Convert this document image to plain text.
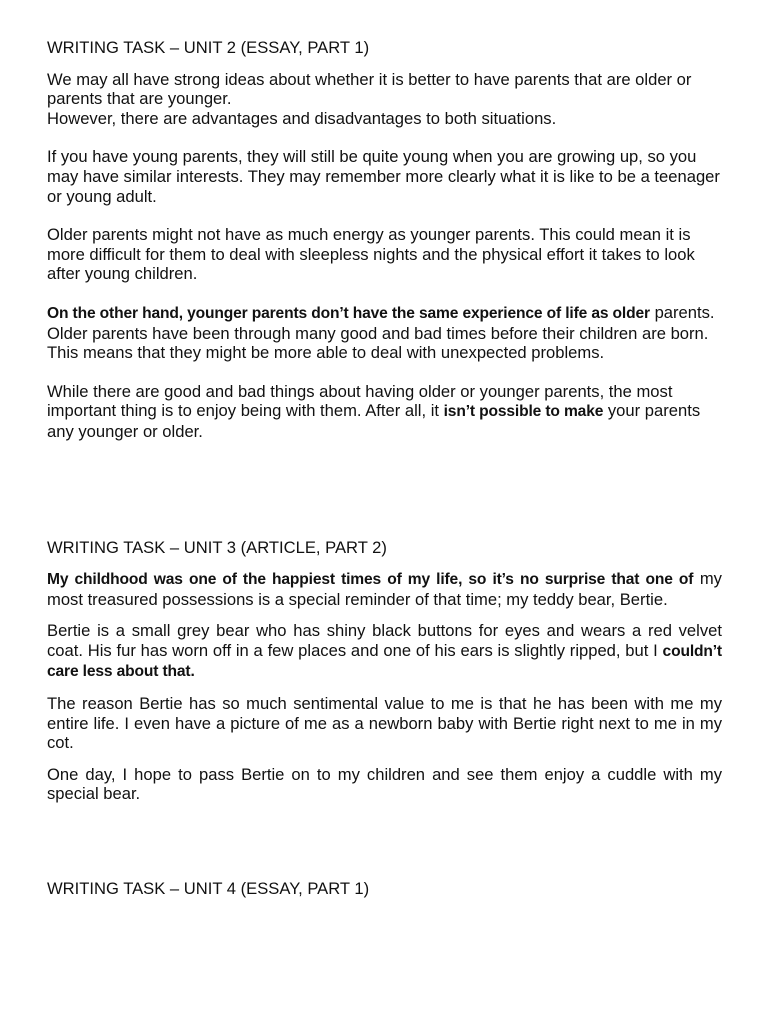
WRITING TASK – UNIT 2 (ESSAY, PART 1)

We may all have strong ideas about whether it is better to have parents that are older or parents that are younger.
However, there are advantages and disadvantages to both situations.

If you have young parents, they will still be quite young when you are growing up, so you may have similar interests. They may remember more clearly what it is like to be a teenager or young adult.

Older parents might not have as much energy as younger parents. This could mean it is more difficult for them to deal with sleepless nights and the physical effort it takes to look after young children.

On the other hand, younger parents don’t have the same experience of life as older parents. Older parents have been through many good and bad times before their children are born. This means that they might be more able to deal with unexpected problems.

While there are good and bad things about having older or younger parents, the most important thing is to enjoy being with them. After all, it isn’t possible to make your parents any younger or older.

WRITING TASK – UNIT 3 (ARTICLE, PART 2)

My childhood was one of the happiest times of my life, so it’s no surprise that one of my most treasured possessions is a special reminder of that time; my teddy bear, Bertie.

Bertie is a small grey bear who has shiny black buttons for eyes and wears a red velvet coat. His fur has worn off in a few places and one of his ears is slightly ripped, but I couldn’t care less about that.

The reason Bertie has so much sentimental value to me is that he has been with me my entire life. I even have a picture of me as a newborn baby with Bertie right next to me in my cot.

One day, I hope to pass Bertie on to my children and see them enjoy a cuddle with my special bear.

WRITING TASK – UNIT 4 (ESSAY, PART 1)
